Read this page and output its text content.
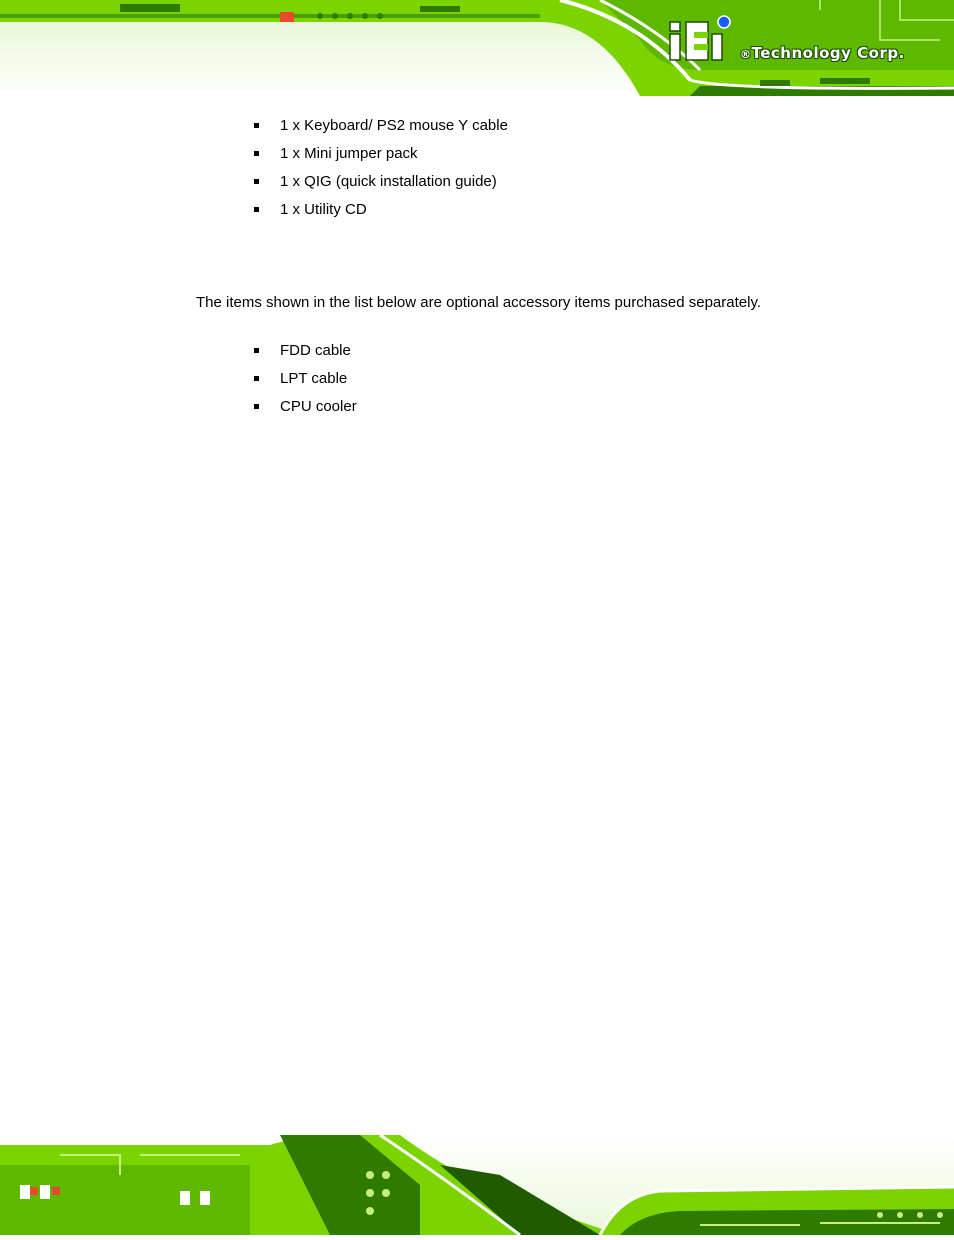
®Technology Corp.
1 x Keyboard/ PS2 mouse Y cable
1 x Mini jumper pack
1 x QIG (quick installation guide)
1 x Utility CD

The items shown in the list below are optional accessory items purchased separately.

FDD cable
LPT cable
CPU cooler
